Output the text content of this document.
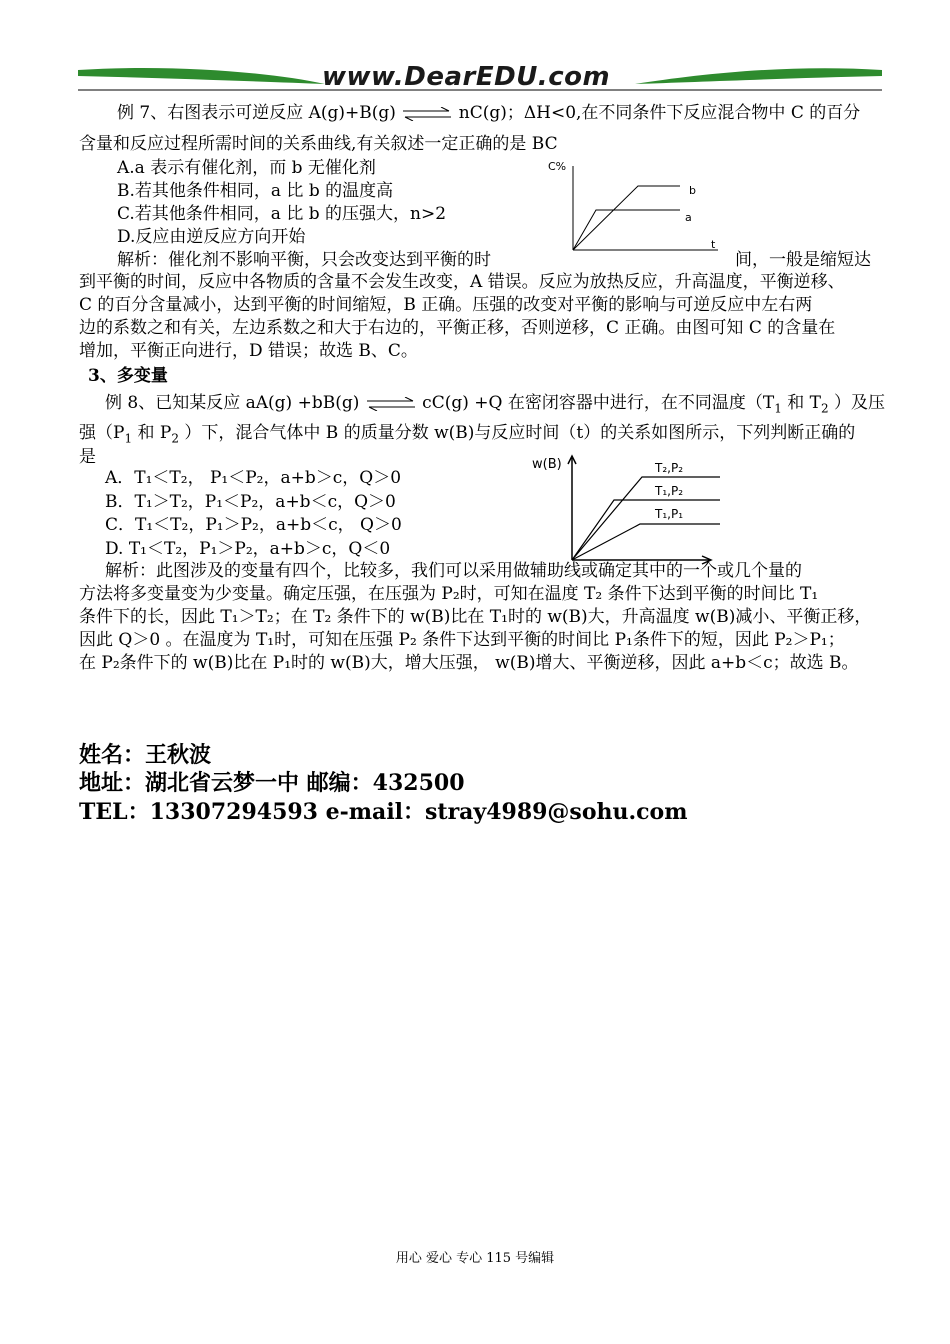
www.DearEDU.com
例 7、右图表示可逆反应 A(g)+B(g) ⇌ nC(g)；ΔH<0,在不同条件下反应混合物中 C 的百分
含量和反应过程所需时间的关系曲线,有关叙述一定正确的是 BC
A.a 表示有催化剂，而 b 无催化剂
B.若其他条件相同，a 比 b 的温度高
C.若其他条件相同，a 比 b 的压强大，n>2
D.反应由逆反应方向开始
C%
b
a
t
解析：催化剂不影响平衡，只会改变达到平衡的时	间，一般是缩短达
到平衡的时间，反应中各物质的含量不会发生改变，A 错误。反应为放热反应，升高温度，平衡逆移、
C 的百分含量减小，达到平衡的时间缩短，B 正确。压强的改变对平衡的影响与可逆反应中左右两
边的系数之和有关，左边系数之和大于右边的，平衡正移，否则逆移，C 正确。由图可知 C 的含量在
增加，平衡正向进行，D 错误；故选 B、C。
3、多变量
例 8、已知某反应 aA(g) +bB(g) ⇌ cC(g) +Q 在密闭容器中进行，在不同温度（$T_1$ 和 $T_2$ ）及压
强（$P_1$ 和 $P_2$ ）下，混合气体中 B 的质量分数 w(B)与反应时间（t）的关系如图所示，下列判断正确的
是
A．T₁＜T₂， P₁＜P₂，a+b＞c，Q＞0
B．T₁＞T₂，P₁＜P₂，a+b＜c，Q＞0
C．T₁＜T₂，P₁＞P₂，a+b＜c， Q＞0
D. T₁＜T₂，P₁＞P₂，a+b＞c，Q＜0
w(B)	T₂,P₂
T₁,P₂
T₁,P₁
解析：此图涉及的变量有四个，比较多，我们可以采用做辅助线或确定其中的一个或几个量的
方法将多变量变为少变量。确定压强，在压强为 P₂时，可知在温度 T₂ 条件下达到平衡的时间比 T₁
条件下的长，因此 T₁＞T₂；在 T₂ 条件下的 w(B)比在 T₁时的 w(B)大，升高温度 w(B)减小、平衡正移，
因此 Q＞0 。在温度为 T₁时，可知在压强 P₂ 条件下达到平衡的时间比 P₁条件下的短，因此 P₂＞P₁；
在 P₂条件下的 w(B)比在 P₁时的 w(B)大，增大压强， w(B)增大、平衡逆移，因此 a+b＜c；故选 B。
姓名：王秋波
地址：湖北省云梦一中 邮编：432500
TEL：13307294593 e-mail：stray4989@sohu.com
用心 爱心 专心 115 号编辑
